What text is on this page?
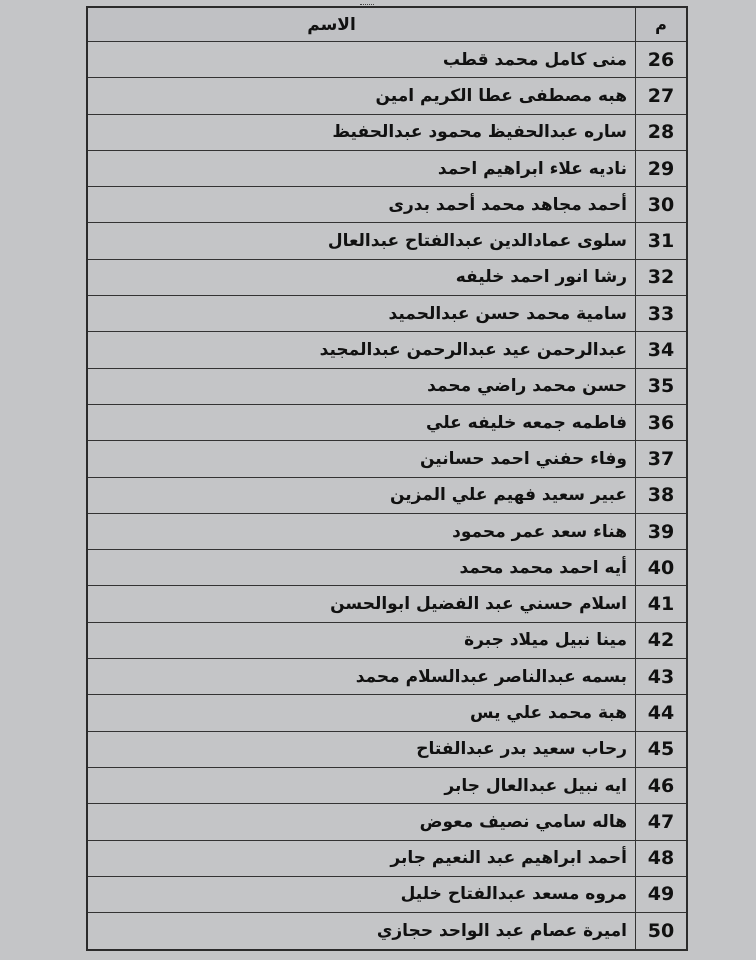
م
الاسم
26
منى كامل محمد قطب
27
هبه مصطفى عطا الكريم امين
28
ساره عبدالحفيظ محمود عبدالحفيظ
29
ناديه علاء ابراهيم احمد
30
أحمد مجاهد محمد أحمد بدرى
31
سلوى عمادالدين عبدالفتاح عبدالعال
32
رشا انور احمد خليفه
33
سامية محمد حسن عبدالحميد
34
عبدالرحمن عيد عبدالرحمن عبدالمجيد
35
حسن محمد راضي محمد
36
فاطمه جمعه خليفه علي
37
وفاء حفني احمد حسانين
38
عبير سعيد فهيم علي المزين
39
هناء سعد عمر محمود
40
أيه احمد محمد محمد
41
اسلام حسني عبد الفضيل ابوالحسن
42
مينا نبيل ميلاد جبرة
43
بسمه عبدالناصر عبدالسلام محمد
44
هبة محمد علي يس
45
رحاب سعيد بدر عبدالفتاح
46
ايه نبيل عبدالعال جابر
47
هاله سامي نصيف معوض
48
أحمد ابراهيم عبد النعيم جابر
49
مروه مسعد عبدالفتاح خليل
50
اميرة عصام عبد الواحد حجازي
